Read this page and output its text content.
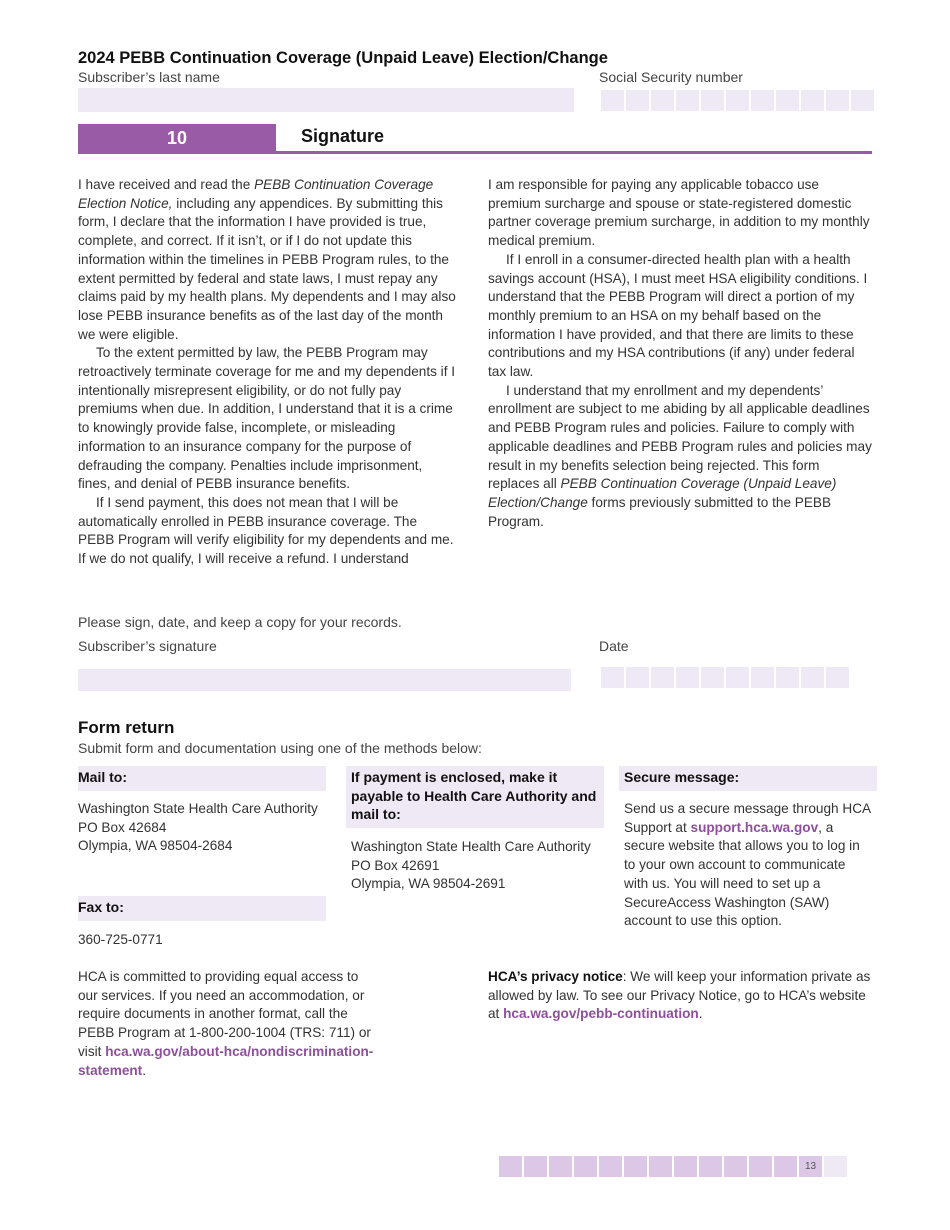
2024 PEBB Continuation Coverage (Unpaid Leave) Election/Change
Subscriber’s last name	Social Security number
10	Signature

I have received and read the PEBB Continuation Coverage Election Notice, including any appendices. By submitting this form, I declare that the information I have provided is true, complete, and correct. If it isn’t, or if I do not update this information within the timelines in PEBB Program rules, to the extent permitted by federal and state laws, I must repay any claims paid by my health plans. My dependents and I may also lose PEBB insurance benefits as of the last day of the month we were eligible.

To the extent permitted by law, the PEBB Program may retroactively terminate coverage for me and my dependents if I intentionally misrepresent eligibility, or do not fully pay premiums when due. In addition, I understand that it is a crime to knowingly provide false, incomplete, or misleading information to an insurance company for the purpose of defrauding the company. Penalties include imprisonment, fines, and denial of PEBB insurance benefits.

If I send payment, this does not mean that I will be automatically enrolled in PEBB insurance coverage. The PEBB Program will verify eligibility for my dependents and me. If we do not qualify, I will receive a refund. I understand

I am responsible for paying any applicable tobacco use premium surcharge and spouse or state-registered domestic partner coverage premium surcharge, in addition to my monthly medical premium.

If I enroll in a consumer-directed health plan with a health savings account (HSA), I must meet HSA eligibility conditions. I understand that the PEBB Program will direct a portion of my monthly premium to an HSA on my behalf based on the information I have provided, and that there are limits to these contributions and my HSA contributions (if any) under federal tax law.

I understand that my enrollment and my dependents’ enrollment are subject to me abiding by all applicable deadlines and PEBB Program rules and policies. Failure to comply with applicable deadlines and PEBB Program rules and policies may result in my benefits selection being rejected. This form replaces all PEBB Continuation Coverage (Unpaid Leave) Election/Change forms previously submitted to the PEBB Program.

Please sign, date, and keep a copy for your records.
Subscriber’s signature	Date
Form return
Submit form and documentation using one of the methods below:
Mail to:
Washington State Health Care Authority
PO Box 42684
Olympia, WA 98504-2684
Fax to:
360-725-0771
If payment is enclosed, make it payable to Health Care Authority and mail to:
Washington State Health Care Authority
PO Box 42691
Olympia, WA 98504-2691
Secure message:
Send us a secure message through HCA Support at support.hca.wa.gov, a secure website that allows you to log in to your own account to communicate with us. You will need to set up a SecureAccess Washington (SAW) account to use this option.
HCA is committed to providing equal access to our services. If you need an accommodation, or require documents in another format, call the PEBB Program at 1-800-200-1004 (TRS: 711) or visit hca.wa.gov/about-hca/nondiscrimination-statement.
HCA’s privacy notice: We will keep your information private as allowed by law. To see our Privacy Notice, go to HCA’s website at hca.wa.gov/pebb-continuation.
13
